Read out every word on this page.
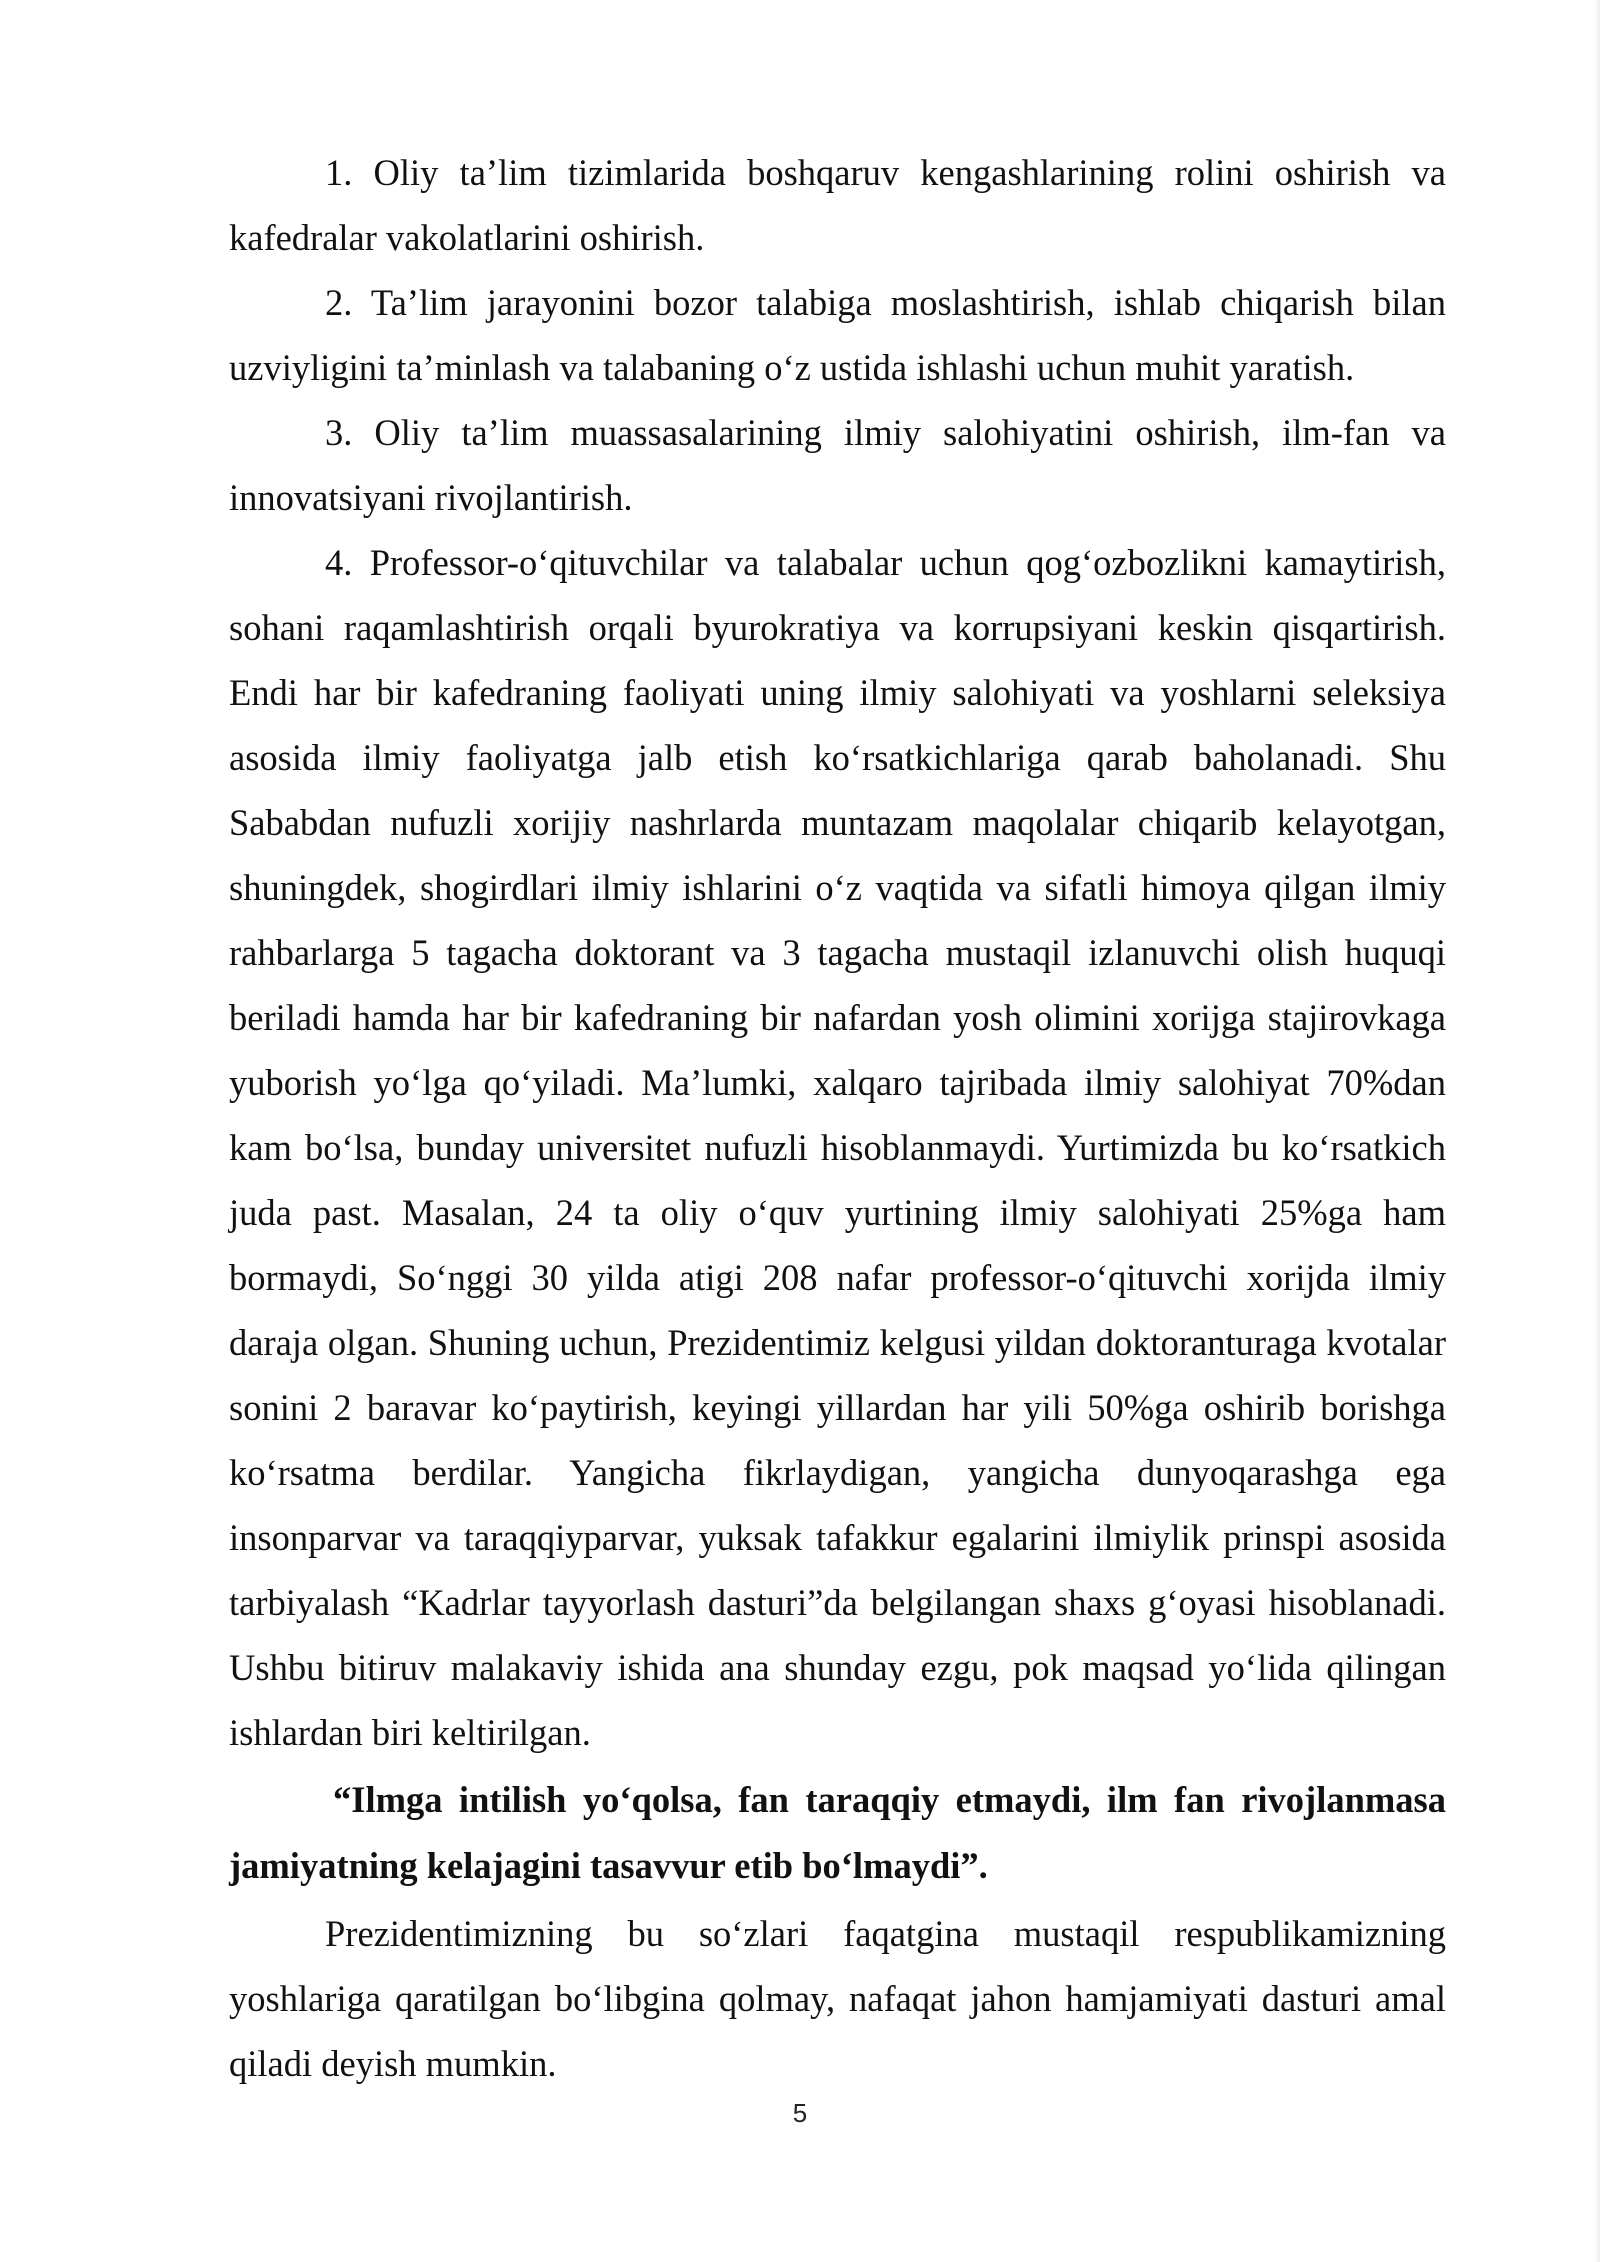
1. Oliy ta’lim tizimlarida boshqaruv kengashlarining rolini oshirish va kafedralar vakolatlarini oshirish.

2. Ta’lim jarayonini bozor talabiga moslashtirish, ishlab chiqarish bilan uzviyligini ta’minlash va talabaning o‘z ustida ishlashi uchun muhit yaratish.

3. Oliy ta’lim muassasalarining ilmiy salohiyatini oshirish, ilm-fan va innovatsiyani rivojlantirish.

4. Professor-o‘qituvchilar va talabalar uchun qog‘ozbozlikni kamaytirish, sohani raqamlashtirish orqali byurokratiya va korrupsiyani keskin qisqartirish. Endi har bir kafedraning faoliyati uning ilmiy salohiyati va yoshlarni seleksiya asosida ilmiy faoliyatga jalb etish ko‘rsatkichlariga qarab baholanadi. Shu Sababdan nufuzli xorijiy nashrlarda muntazam maqolalar chiqarib kelayotgan, shuningdek, shogirdlari ilmiy ishlarini o‘z vaqtida va sifatli himoya qilgan ilmiy rahbarlarga 5 tagacha doktorant va 3 tagacha mustaqil izlanuvchi olish huquqi beriladi hamda har bir kafedraning bir nafardan yosh olimini xorijga stajirovkaga yuborish yo‘lga qo‘yiladi. Ma’lumki, xalqaro tajribada ilmiy salohiyat 70%dan kam bo‘lsa, bunday universitet nufuzli hisoblanmaydi. Yurtimizda bu ko‘rsatkich juda past. Masalan, 24 ta oliy o‘quv yurtining ilmiy salohiyati 25%ga ham bormaydi, So‘nggi 30 yilda atigi 208 nafar professor-o‘qituvchi xorijda ilmiy daraja olgan. Shuning uchun, Prezidentimiz kelgusi yildan doktoranturaga kvotalar sonini 2 baravar ko‘paytirish, keyingi yillardan har yili 50%ga oshirib borishga ko‘rsatma berdilar. Yangicha fikrlaydigan, yangicha dunyoqarashga ega insonparvar va taraqqiyparvar, yuksak tafakkur egalarini ilmiylik prinspi asosida tarbiyalash “Kadrlar tayyorlash dasturi”da belgilangan shaxs g‘oyasi hisoblanadi. Ushbu bitiruv malakaviy ishida ana shunday ezgu, pok maqsad yo‘lida qilingan ishlardan biri keltirilgan.

“Ilmga intilish yo‘qolsa, fan taraqqiy etmaydi, ilm fan rivojlanmasa jamiyatning kelajagini tasavvur etib bo‘lmaydi”.

Prezidentimizning bu so‘zlari faqatgina mustaqil respublikamizning yoshlariga qaratilgan bo‘libgina qolmay, nafaqat jahon hamjamiyati dasturi amal qiladi deyish mumkin.

5
